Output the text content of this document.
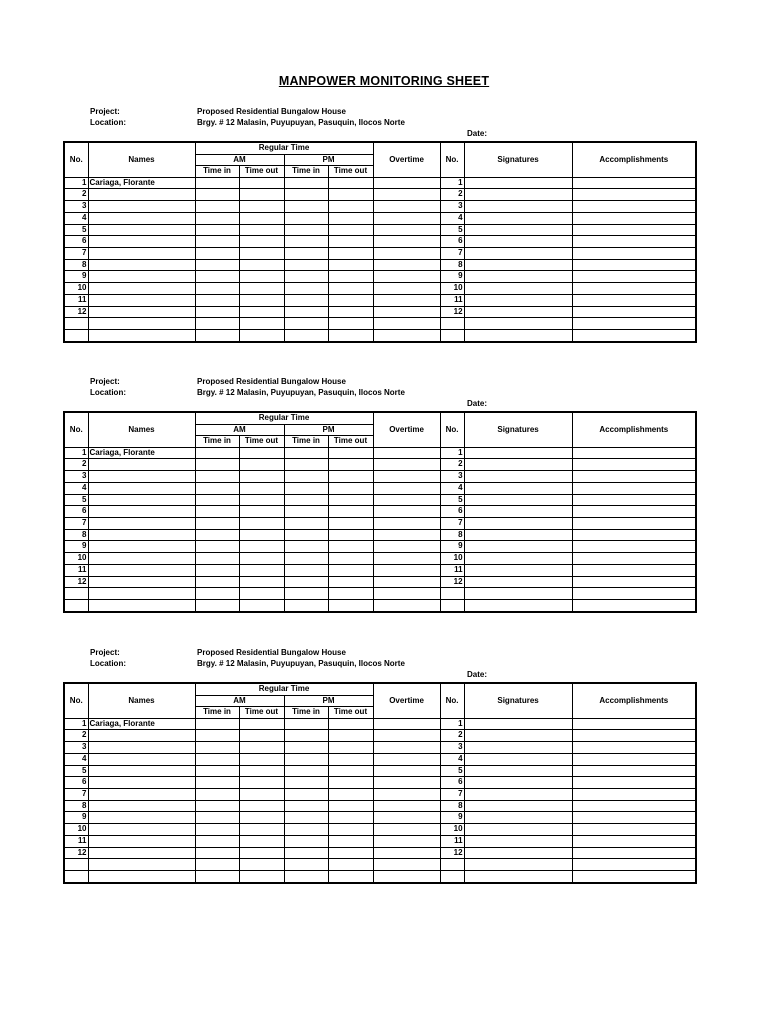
MANPOWER MONITORING SHEET
Project:	Proposed Residential Bungalow House
Location:	Brgy. # 12 Malasin, Puyupuyan, Pasuquin, Ilocos Norte
Date:
No.	Names	Regular Time				Overtime	No.	Signatures	Accomplishments
		AM		PM					
		Time in	Time out	Time in	Time out				
1	Cariaga, Florante						1		
2							2		
3							3		
4							4		
5							5		
6							6		
7							7		
8							8		
9							9		
10							10		
11							11		
12							12		

Project:	Proposed Residential Bungalow House
Location:	Brgy. # 12 Malasin, Puyupuyan, Pasuquin, Ilocos Norte
Date:
No.	Names	Regular Time				Overtime	No.	Signatures	Accomplishments
		AM		PM					
		Time in	Time out	Time in	Time out				
1	Cariaga, Florante						1		
2							2		
3							3		
4							4		
5							5		
6							6		
7							7		
8							8		
9							9		
10							10		
11							11		
12							12		

Project:	Proposed Residential Bungalow House
Location:	Brgy. # 12 Malasin, Puyupuyan, Pasuquin, Ilocos Norte
Date:
No.	Names	Regular Time				Overtime	No.	Signatures	Accomplishments
		AM		PM					
		Time in	Time out	Time in	Time out				
1	Cariaga, Florante						1		
2							2		
3							3		
4							4		
5							5		
6							6		
7							7		
8							8		
9							9		
10							10		
11							11		
12							12		
